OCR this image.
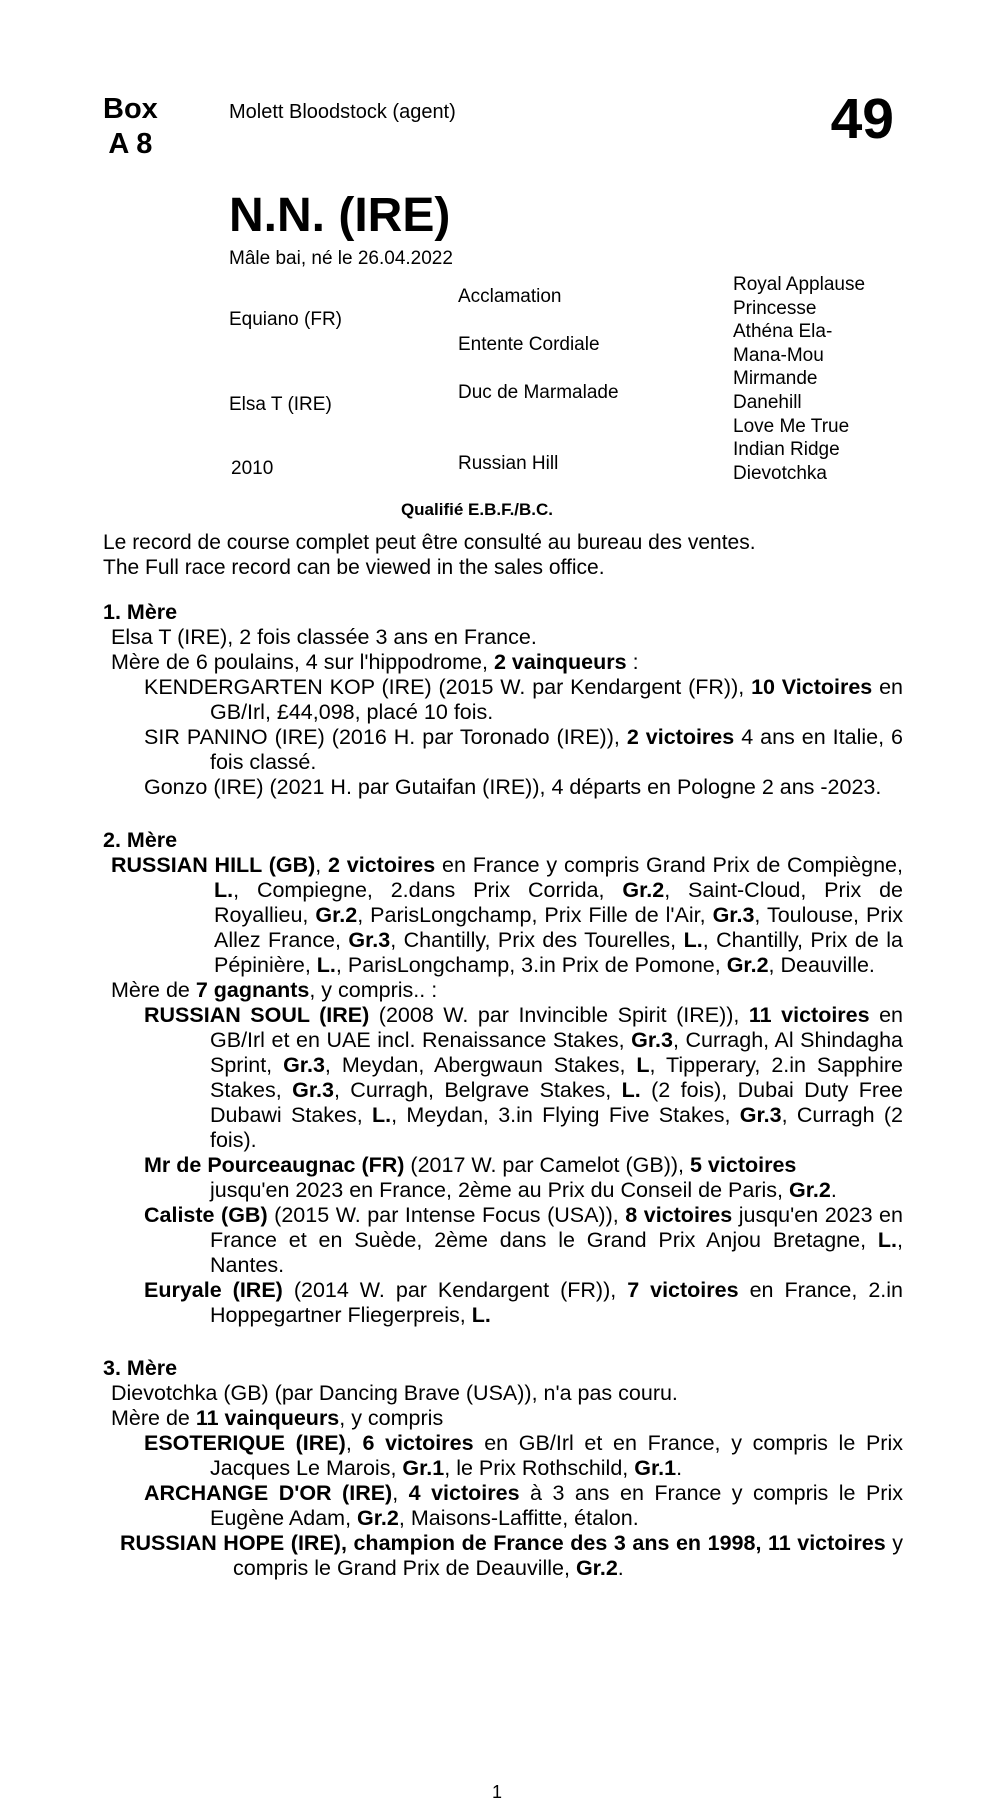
Box
A 8
Molett Bloodstock (agent)	49
N.N. (IRE)
Mâle bai, né le 26.04.2022
Equiano (FR)
Elsa T (IRE)
2010
Acclamation
Entente Cordiale
Duc de Marmalade
Russian Hill
Royal Applause
Princesse
Athéna Ela-
Mana-Mou
Mirmande
Danehill
Love Me True
Indian Ridge
Dievotchka
Qualifié E.B.F./B.C.
Le record de course complet peut être consulté au bureau des ventes.
The Full race record can be viewed in the sales office.
1. Mère
Elsa T (IRE), 2 fois classée 3 ans en France.
Mère de 6 poulains, 4 sur l'hippodrome, 2 vainqueurs :
KENDERGARTEN KOP (IRE) (2015 W. par Kendargent (FR)), 10 Victoires en GB/Irl, £44,098, placé 10 fois.
SIR PANINO (IRE) (2016 H. par Toronado (IRE)), 2 victoires 4 ans en Italie, 6 fois classé.
Gonzo (IRE) (2021 H. par Gutaifan (IRE)), 4 départs en Pologne 2 ans -2023.
2. Mère
RUSSIAN HILL (GB), 2 victoires en France y compris Grand Prix de Compiègne, L., Compiegne, 2.dans Prix Corrida, Gr.2, Saint-Cloud, Prix de Royallieu, Gr.2, ParisLongchamp, Prix Fille de l'Air, Gr.3, Toulouse, Prix Allez France, Gr.3, Chantilly, Prix des Tourelles, L., Chantilly, Prix de la Pépinière, L., ParisLongchamp, 3.in Prix de Pomone, Gr.2, Deauville.
Mère de 7 gagnants, y compris.. :
RUSSIAN SOUL (IRE) (2008 W. par Invincible Spirit (IRE)), 11 victoires en GB/Irl et en UAE incl. Renaissance Stakes, Gr.3, Curragh, Al Shindagha Sprint, Gr.3, Meydan, Abergwaun Stakes, L, Tipperary, 2.in Sapphire Stakes, Gr.3, Curragh, Belgrave Stakes, L. (2 fois), Dubai Duty Free Dubawi Stakes, L., Meydan, 3.in Flying Five Stakes, Gr.3, Curragh (2 fois).
Mr de Pourceaugnac (FR) (2017 W. par Camelot (GB)), 5 victoires
jusqu'en 2023 en France, 2ème au Prix du Conseil de Paris, Gr.2.
Caliste (GB) (2015 W. par Intense Focus (USA)), 8 victoires jusqu'en 2023 en France et en Suède, 2ème dans le Grand Prix Anjou Bretagne, L., Nantes.
Euryale (IRE) (2014 W. par Kendargent (FR)), 7 victoires en France, 2.in Hoppegartner Fliegerpreis, L.
3. Mère
Dievotchka (GB) (par Dancing Brave (USA)), n'a pas couru.
Mère de 11 vainqueurs, y compris
ESOTERIQUE (IRE), 6 victoires en GB/Irl et en France, y compris le Prix Jacques Le Marois, Gr.1, le Prix Rothschild, Gr.1.
ARCHANGE D'OR (IRE), 4 victoires à 3 ans en France y compris le Prix Eugène Adam, Gr.2, Maisons-Laffitte, étalon.
RUSSIAN HOPE (IRE), champion de France des 3 ans en 1998, 11 victoires y compris le Grand Prix de Deauville, Gr.2.
1
